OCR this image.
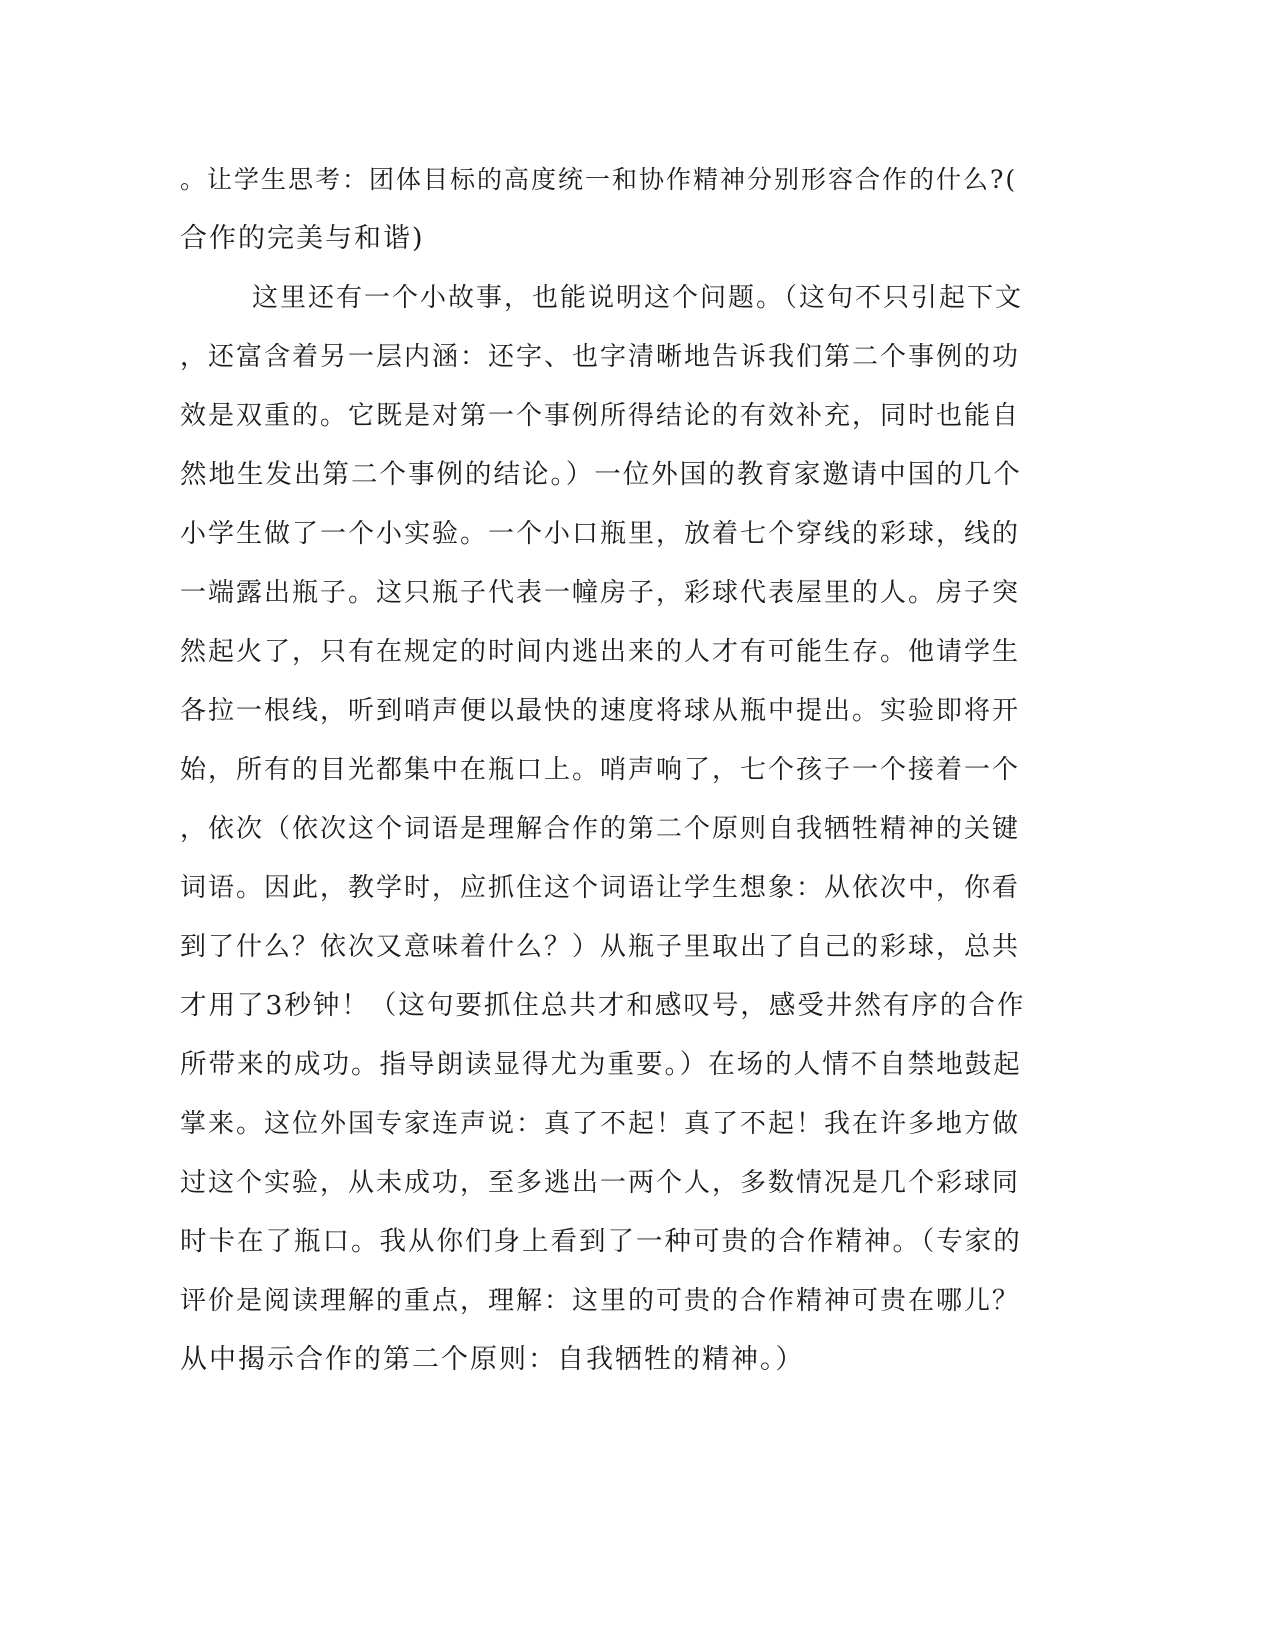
。让学生思考：团体目标的高度统一和协作精神分别形容合作的什么?(
合作的完美与和谐)
这里还有一个小故事，也能说明这个问题。（这句不只引起下文
，还富含着另一层内涵：还字、也字清晰地告诉我们第二个事例的功
效是双重的。它既是对第一个事例所得结论的有效补充，同时也能自
然地生发出第二个事例的结论。）一位外国的教育家邀请中国的几个
小学生做了一个小实验。一个小口瓶里，放着七个穿线的彩球，线的
一端露出瓶子。这只瓶子代表一幢房子，彩球代表屋里的人。房子突
然起火了，只有在规定的时间内逃出来的人才有可能生存。他请学生
各拉一根线，听到哨声便以最快的速度将球从瓶中提出。实验即将开
始，所有的目光都集中在瓶口上。哨声响了，七个孩子一个接着一个
，依次（依次这个词语是理解合作的第二个原则自我牺牲精神的关键
词语。因此，教学时，应抓住这个词语让学生想象：从依次中，你看
到了什么？依次又意味着什么？）从瓶子里取出了自己的彩球，总共
才用了3秒钟！（这句要抓住总共才和感叹号，感受井然有序的合作
所带来的成功。指导朗读显得尤为重要。）在场的人情不自禁地鼓起
掌来。这位外国专家连声说：真了不起！真了不起！我在许多地方做
过这个实验，从未成功，至多逃出一两个人，多数情况是几个彩球同
时卡在了瓶口。我从你们身上看到了一种可贵的合作精神。（专家的
评价是阅读理解的重点，理解：这里的可贵的合作精神可贵在哪儿？
从中揭示合作的第二个原则：自我牺牲的精神。）
